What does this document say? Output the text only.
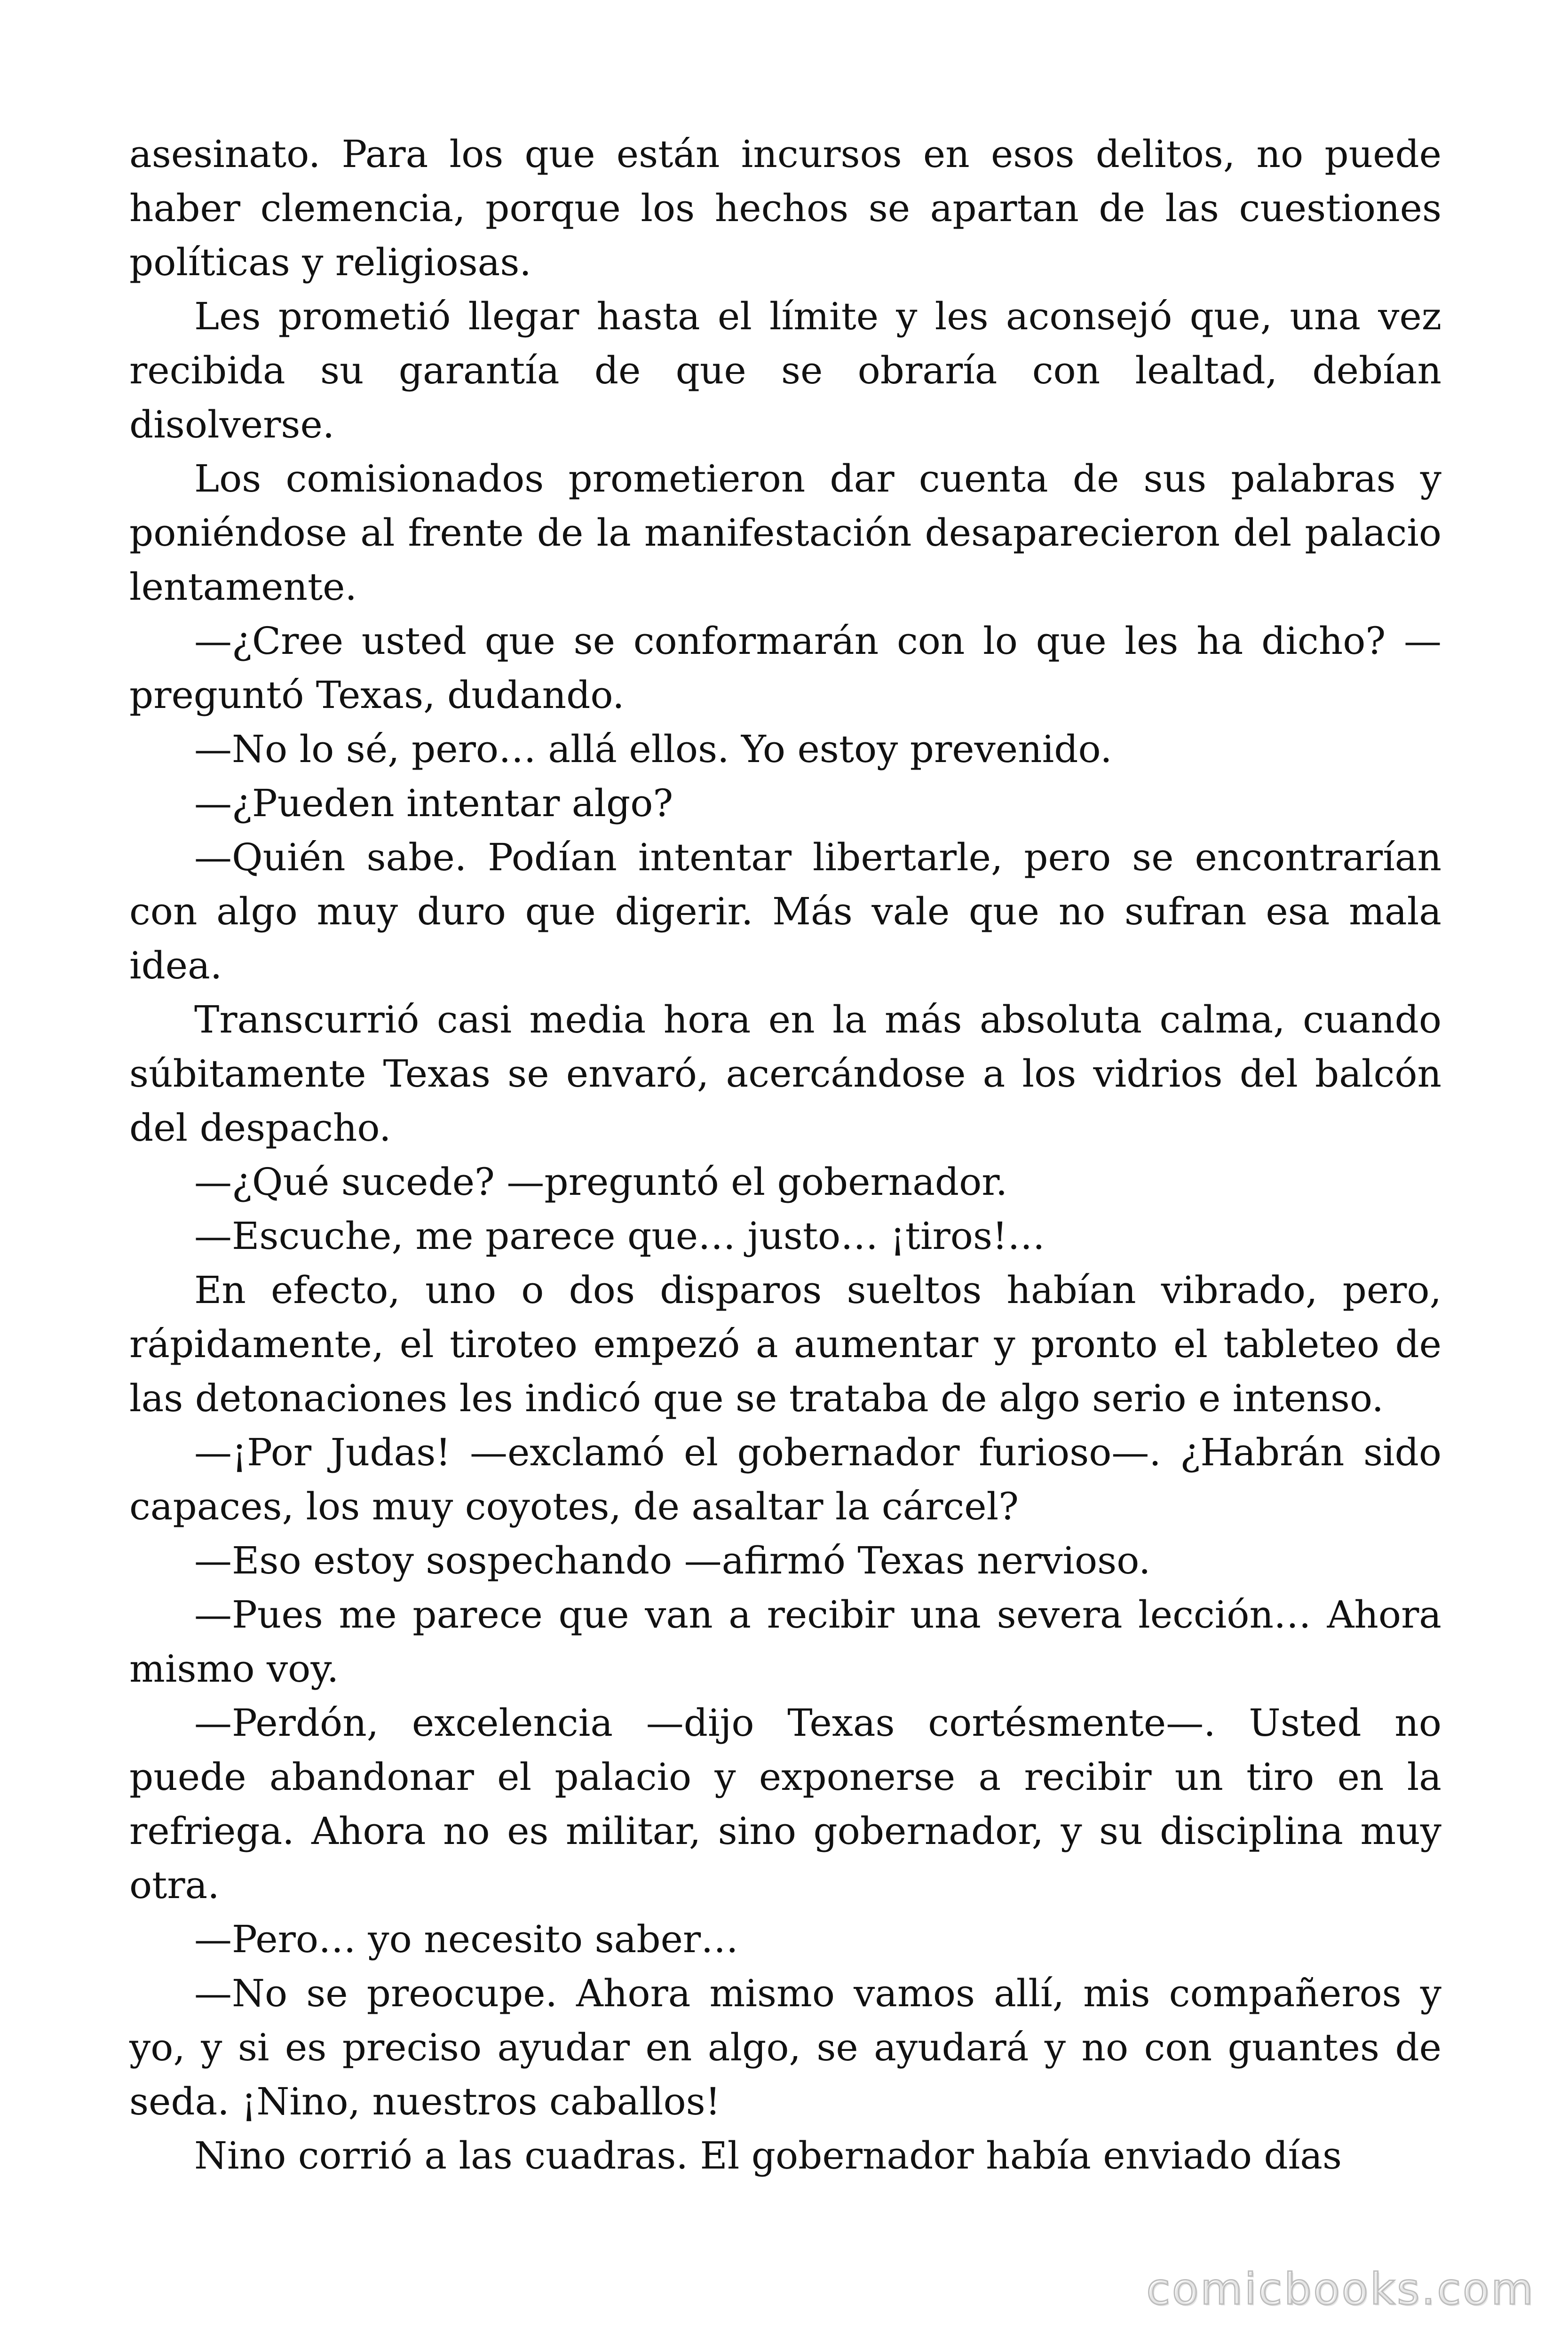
asesinato. Para los que están incursos en esos delitos, no puede haber clemencia, porque los hechos se apartan de las cuestiones políticas y religiosas.

Les prometió llegar hasta el límite y les aconsejó que, una vez recibida su garantía de que se obraría con lealtad, debían disolverse.

Los comisionados prometieron dar cuenta de sus palabras y poniéndose al frente de la manifestación desaparecieron del palacio lentamente.

—¿Cree usted que se conformarán con lo que les ha dicho? —preguntó Texas, dudando.

—No lo sé, pero… allá ellos. Yo estoy prevenido.

—¿Pueden intentar algo?

—Quién sabe. Podían intentar libertarle, pero se encontrarían con algo muy duro que digerir. Más vale que no sufran esa mala idea.

Transcurrió casi media hora en la más absoluta calma, cuando súbitamente Texas se envaró, acercándose a los vidrios del balcón del despacho.

—¿Qué sucede? —preguntó el gobernador.

—Escuche, me parece que… justo… ¡tiros!…

En efecto, uno o dos disparos sueltos habían vibrado, pero, rápidamente, el tiroteo empezó a aumentar y pronto el tableteo de las detonaciones les indicó que se trataba de algo serio e intenso.

—¡Por Judas! —exclamó el gobernador furioso—. ¿Habrán sido capaces, los muy coyotes, de asaltar la cárcel?

—Eso estoy sospechando —afirmó Texas nervioso.

—Pues me parece que van a recibir una severa lección… Ahora mismo voy.

—Perdón, excelencia —dijo Texas cortésmente—. Usted no puede abandonar el palacio y exponerse a recibir un tiro en la refriega. Ahora no es militar, sino gobernador, y su disciplina muy otra.

—Pero… yo necesito saber…

—No se preocupe. Ahora mismo vamos allí, mis compañeros y yo, y si es preciso ayudar en algo, se ayudará y no con guantes de seda. ¡Nino, nuestros caballos!

Nino corrió a las cuadras. El gobernador había enviado días

comicbooks.com
